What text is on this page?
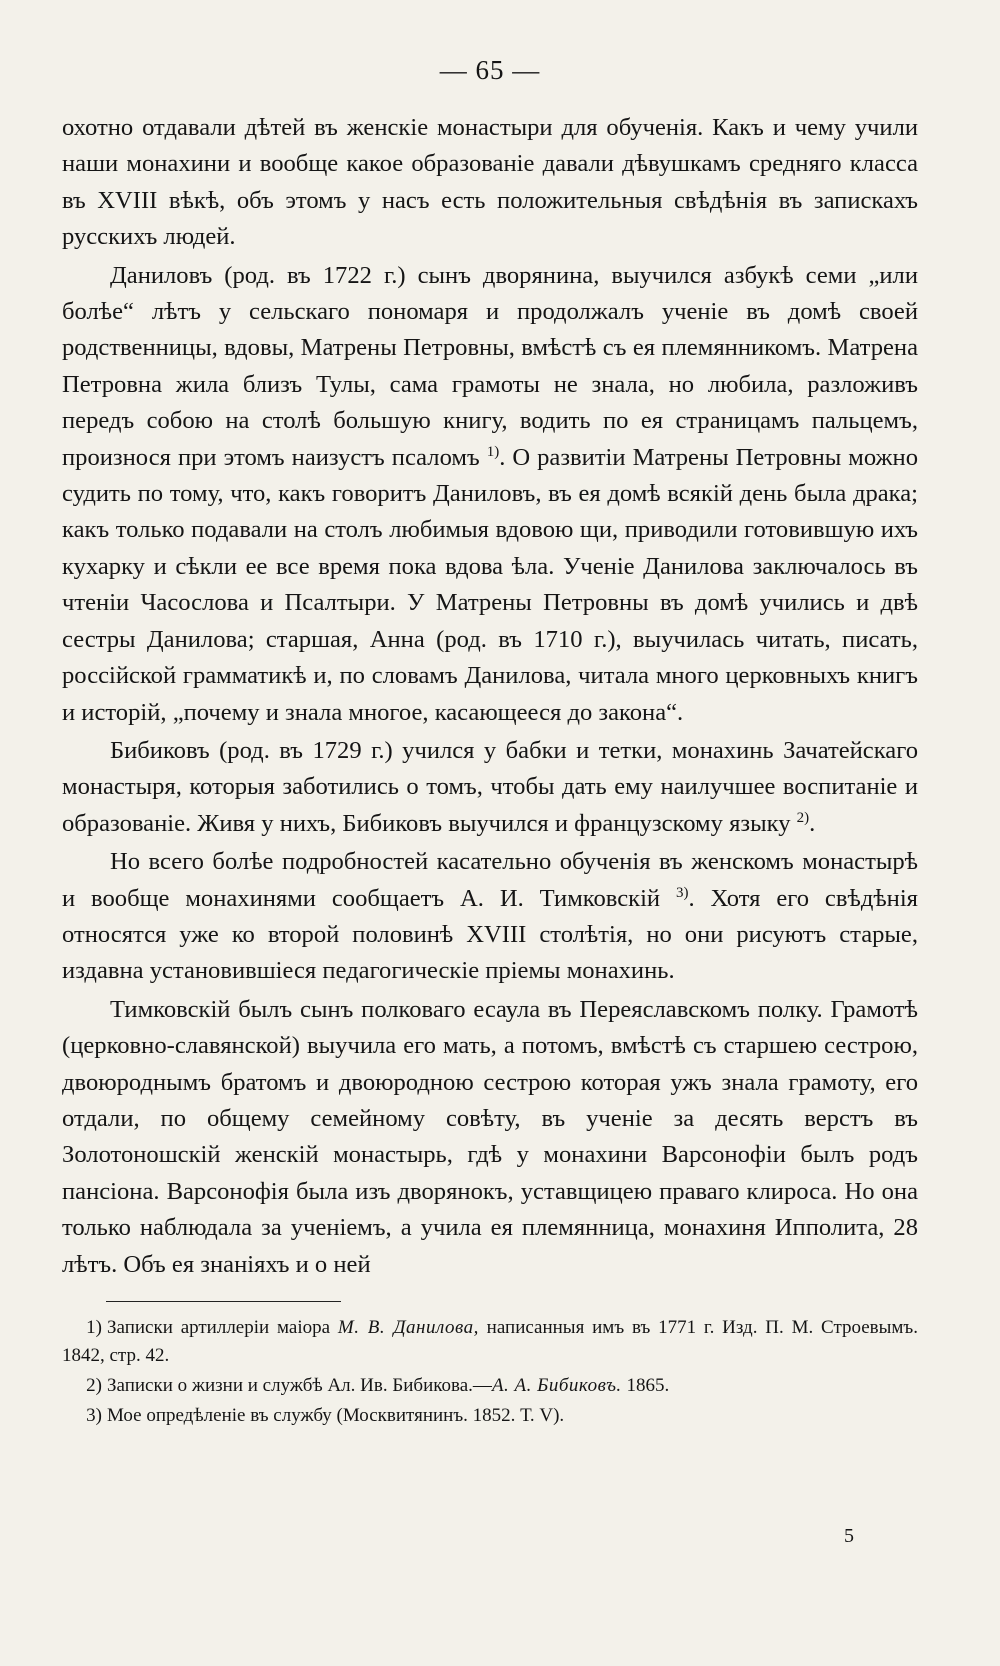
— 65 —

охотно отдавали дѣтей въ женскіе монастыри для обученія. Какъ и чему учили наши монахини и вообще какое образованіе давали дѣвушкамъ средняго класса въ XVIII вѣкѣ, объ этомъ у насъ есть положительныя свѣдѣнія въ запискахъ русскихъ людей.

Даниловъ (род. въ 1722 г.) сынъ дворянина, выучился азбукѣ семи „или болѣе“ лѣтъ у сельскаго пономаря и продолжалъ ученіе въ домѣ своей родственницы, вдовы, Матрены Петровны, вмѣстѣ съ ея племянникомъ. Матрена Петровна жила близъ Тулы, сама грамоты не знала, но любила, разложивъ передъ собою на столѣ большую книгу, водить по ея страницамъ пальцемъ, произнося при этомъ наизустъ псаломъ $^{1)}$. О развитіи Матрены Петровны можно судить по тому, что, какъ говоритъ Даниловъ, въ ея домѣ всякій день была драка; какъ только подавали на столъ любимыя вдовою щи, приводили готовившую ихъ кухарку и сѣкли ее все время пока вдова ѣла. Ученіе Данилова заключалось въ чтеніи Часослова и Псалтыри. У Матрены Петровны въ домѣ учились и двѣ сестры Данилова; старшая, Анна (род. въ 1710 г.), выучилась читать, писать, россійской грамматикѣ и, по словамъ Данилова, читала много церковныхъ книгъ и исторій, „почему и знала многое, касающееся до закона“.

Бибиковъ (род. въ 1729 г.) учился у бабки и тетки, монахинь Зачатейскаго монастыря, которыя заботились о томъ, чтобы дать ему наилучшее воспитаніе и образованіе. Живя у нихъ, Бибиковъ выучился и французскому языку $^{2)}$.

Но всего болѣе подробностей касательно обученія въ женскомъ монастырѣ и вообще монахинями сообщаетъ А. И. Тимковскій $^{3)}$. Хотя его свѣдѣнія относятся уже ко второй половинѣ XVIII столѣтія, но они рисуютъ старые, издавна установившіеся педагогическіе пріемы монахинь.

Тимковскій былъ сынъ полковаго есаула въ Переяславскомъ полку. Грамотѣ (церковно-славянской) выучила его мать, а потомъ, вмѣстѣ съ старшею сестрою, двоюроднымъ братомъ и двоюродною сестрою которая ужъ знала грамоту, его отдали, по общему семейному совѣту, въ ученіе за десять верстъ въ Золотоношскій женскій монастырь, гдѣ у монахини Варсонофіи былъ родъ пансіона. Варсонофія была изъ дворянокъ, уставщицею праваго клироса. Но она только наблюдала за ученіемъ, а учила ея племянница, монахиня Ипполита, 28 лѣтъ. Объ ея знаніяхъ и о ней

1) Записки артиллеріи маіора М. В. Данилова, написанныя имъ въ 1771 г. Изд. П. М. Строевымъ. 1842, стр. 42.
2) Записки о жизни и службѣ Ал. Ив. Бибикова.—А. А. Бибиковъ. 1865.
3) Мое опредѣленіе въ службу (Москвитянинъ. 1852. Т. V).
5
